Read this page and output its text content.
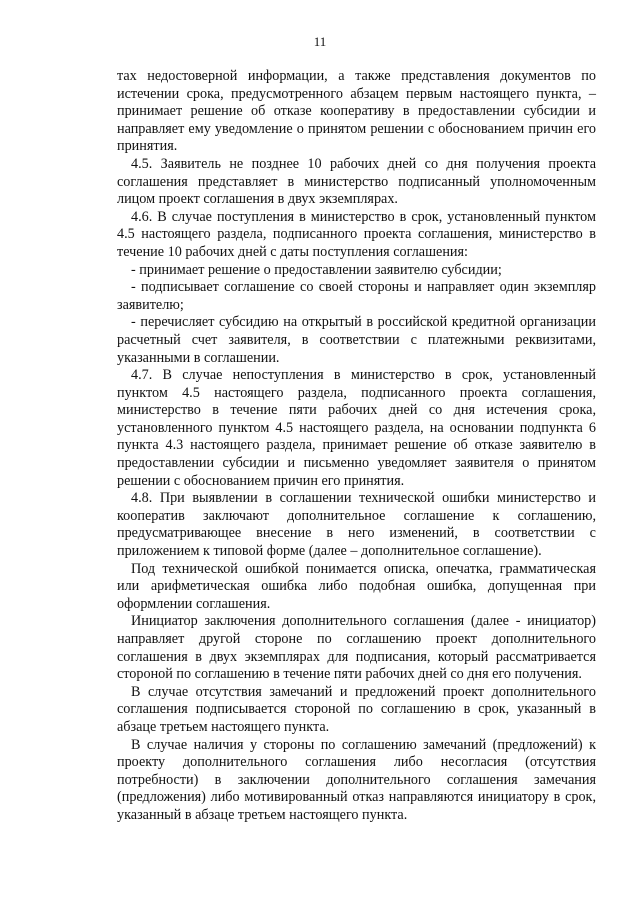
11

тах недостоверной информации, а также представления документов по истечении срока, предусмотренного абзацем первым настоящего пункта, – принимает решение об отказе кооперативу в предоставлении субсидии и направляет ему уведомление о принятом решении с обоснованием причин его принятия.

4.5. Заявитель не позднее 10 рабочих дней со дня получения проекта соглашения представляет в министерство подписанный уполномоченным лицом проект соглашения в двух экземплярах.

4.6. В случае поступления в министерство в срок, установленный пунктом 4.5 настоящего раздела, подписанного проекта соглашения, министерство в течение 10 рабочих дней с даты поступления соглашения:

- принимает решение о предоставлении заявителю субсидии;

- подписывает соглашение со своей стороны и направляет один экземпляр заявителю;

- перечисляет субсидию на открытый в российской кредитной организации расчетный счет заявителя, в соответствии с платежными реквизитами, указанными в соглашении.

4.7. В случае непоступления в министерство в срок, установленный пунктом 4.5 настоящего раздела, подписанного проекта соглашения, министерство в течение пяти рабочих дней со дня истечения срока, установленного пунктом 4.5 настоящего раздела, на основании подпункта 6 пункта 4.3 настоящего раздела, принимает решение об отказе заявителю в предоставлении субсидии и письменно уведомляет заявителя о принятом решении с обоснованием причин его принятия.

4.8. При выявлении в соглашении технической ошибки министерство и кооператив заключают дополнительное соглашение к соглашению, предусматривающее внесение в него изменений, в соответствии с приложением к типовой форме (далее – дополнительное соглашение).

Под технической ошибкой понимается описка, опечатка, грамматическая или арифметическая ошибка либо подобная ошибка, допущенная при оформлении соглашения.

Инициатор заключения дополнительного соглашения (далее - инициатор) направляет другой стороне по соглашению проект дополнительного соглашения в двух экземплярах для подписания, который рассматривается стороной по соглашению в течение пяти рабочих дней со дня его получения.

В случае отсутствия замечаний и предложений проект дополнительного соглашения подписывается стороной по соглашению в срок, указанный в абзаце третьем настоящего пункта.

В случае наличия у стороны по соглашению замечаний (предложений) к проекту дополнительного соглашения либо несогласия (отсутствия потребности) в заключении дополнительного соглашения замечания (предложения) либо мотивированный отказ направляются инициатору в срок, указанный в абзаце третьем настоящего пункта.
